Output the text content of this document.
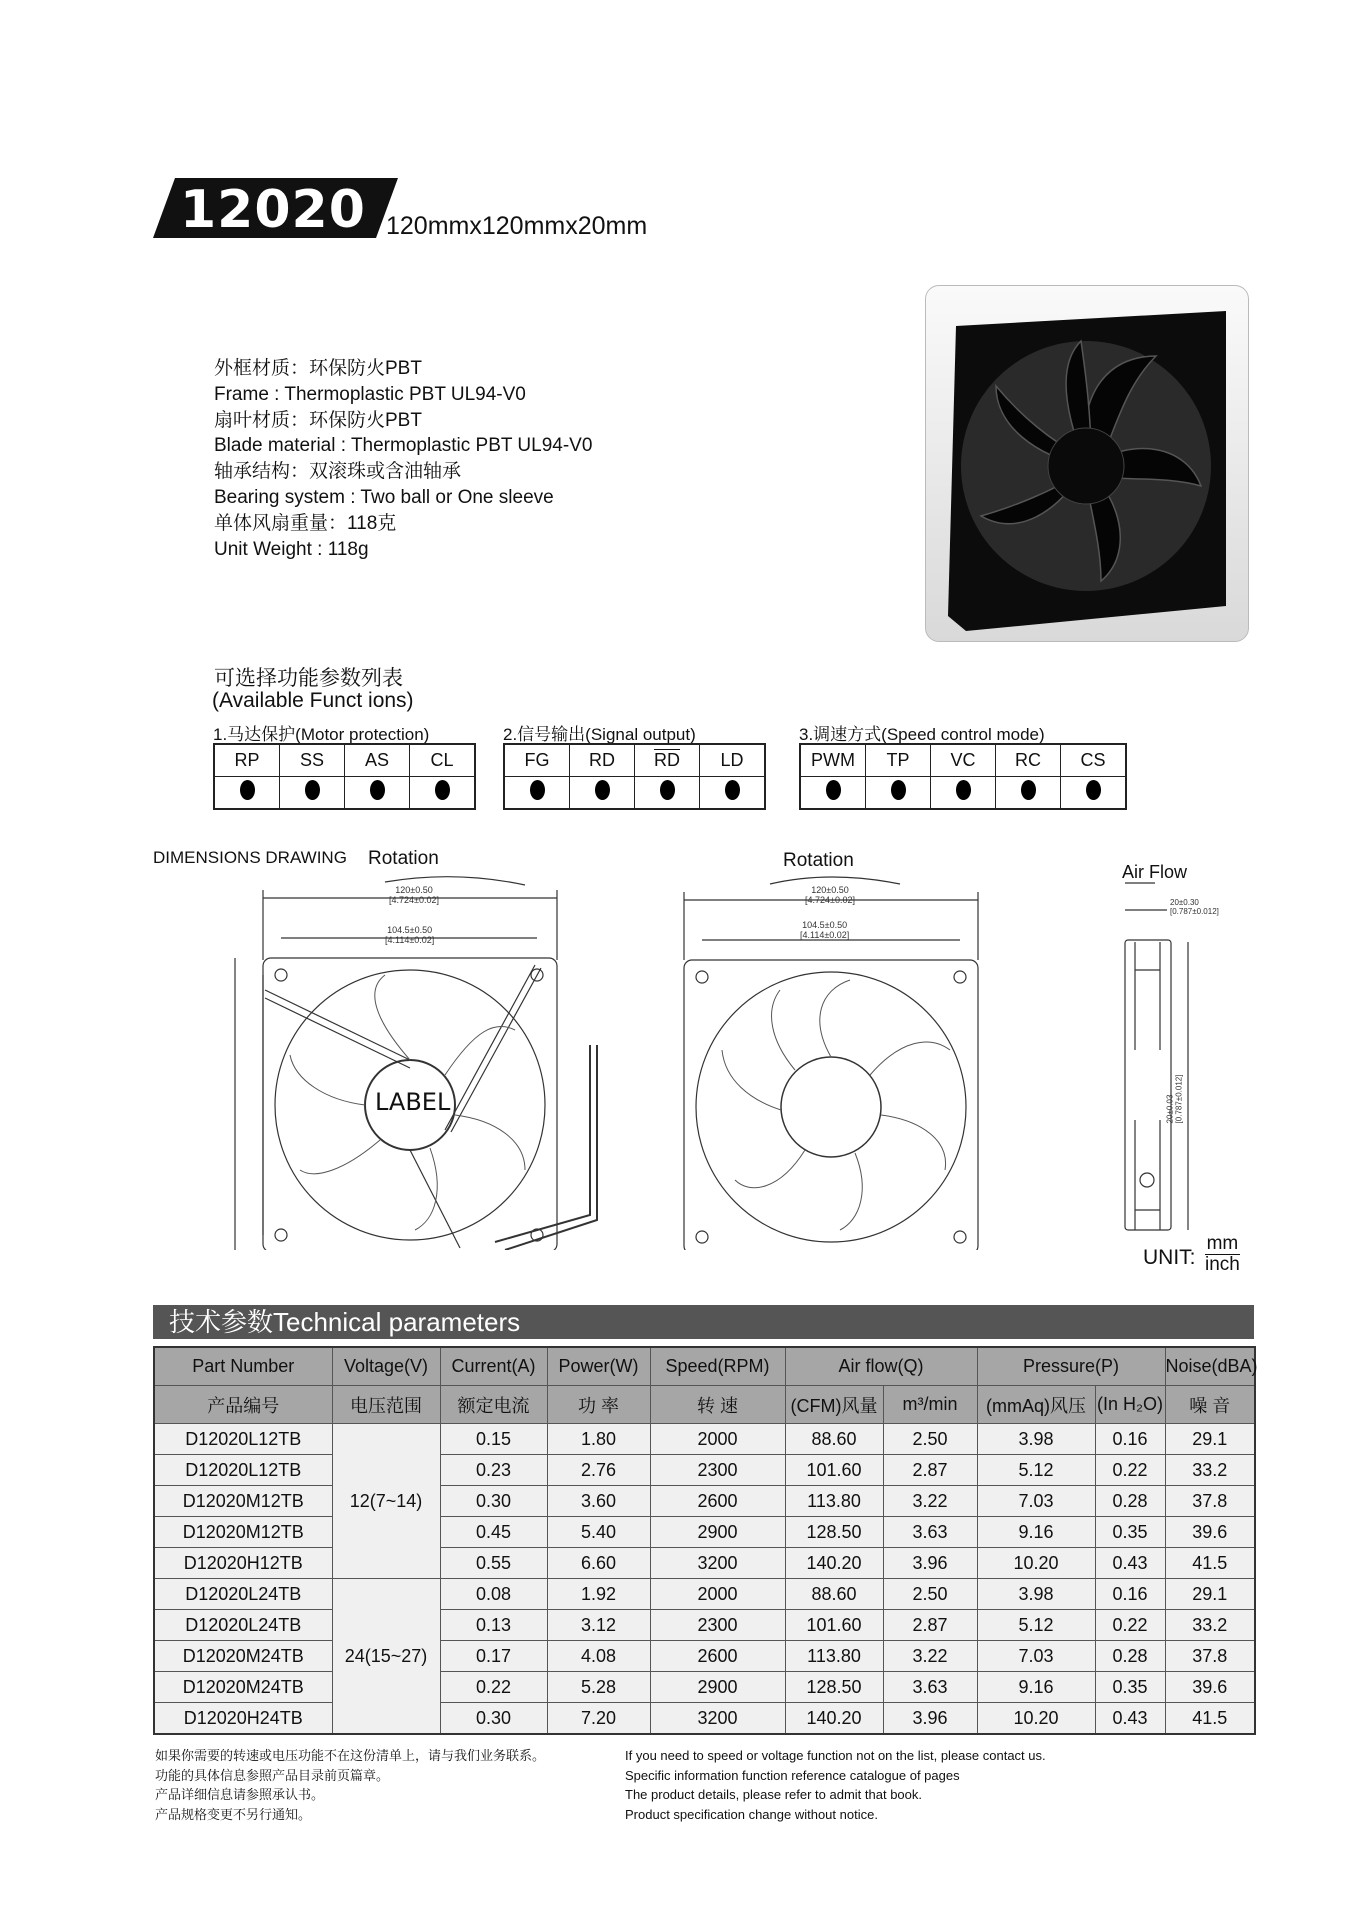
12020 120mmx120mmx20mm
外框材质：环保防火PBT
Frame : Thermoplastic PBT UL94-V0
扇叶材质：环保防火PBT
Blade material : Thermoplastic PBT UL94-V0
轴承结构：双滚珠或含油轴承
Bearing system : Two ball or One sleeve
单体风扇重量：118克
Unit Weight : 118g
可选择功能参数列表
(Available Funct ions)
1.马达保护(Motor protection)	2.信号输出(Signal output)	3.调速方式(Speed control mode)
RP	SS	AS	CL
				FG	RD	$\overline{RD}$	LD
				PWM	TP	VC	RC	CS

DIMENSIONS DRAWING Rotation	Rotation
Air Flow
120±0.50
[4.724±0.02]
104.5±0.50
[4.114±0.02]
LABEL
120±0.50
[4.724±0.02]
104.5±0.50
[4.114±0.02]
20±0.30
[0.787±0.012]
20±0.03 [0.787±0.012]
UNIT:
mm
inch
技术参数Technical parameters
Part Number	Voltage(V)	Current(A)	Power(W)	Speed(RPM)	Air flow(Q)		Pressure(P)		Noise(dBA)
产品编号	电压范围	额定电流	功 率	转 速	(CFM)风量	m³/min	(mmAq)风压	(In H₂O)	噪 音
D12020L12TB	12(7~14)	0.15	1.80	2000	88.60	2.50	3.98	0.16	29.1
D12020L12TB		0.23	2.76	2300	101.60	2.87	5.12	0.22	33.2
D12020M12TB		0.30	3.60	2600	113.80	3.22	7.03	0.28	37.8
D12020M12TB		0.45	5.40	2900	128.50	3.63	9.16	0.35	39.6
D12020H12TB		0.55	6.60	3200	140.20	3.96	10.20	0.43	41.5
D12020L24TB	24(15~27)	0.08	1.92	2000	88.60	2.50	3.98	0.16	29.1
D12020L24TB		0.13	3.12	2300	101.60	2.87	5.12	0.22	33.2
D12020M24TB		0.17	4.08	2600	113.80	3.22	7.03	0.28	37.8
D12020M24TB		0.22	5.28	2900	128.50	3.63	9.16	0.35	39.6
D12020H24TB		0.30	7.20	3200	140.20	3.96	10.20	0.43	41.5
如果你需要的转速或电压功能不在这份清单上，请与我们业务联系。
功能的具体信息参照产品目录前页篇章。
产品详细信息请参照承认书。
产品规格变更不另行通知。
If you need to speed or voltage function not on the list, please contact us.
Specific information function reference catalogue of pages
The product details, please refer to admit that book.
Product specification change without notice.
